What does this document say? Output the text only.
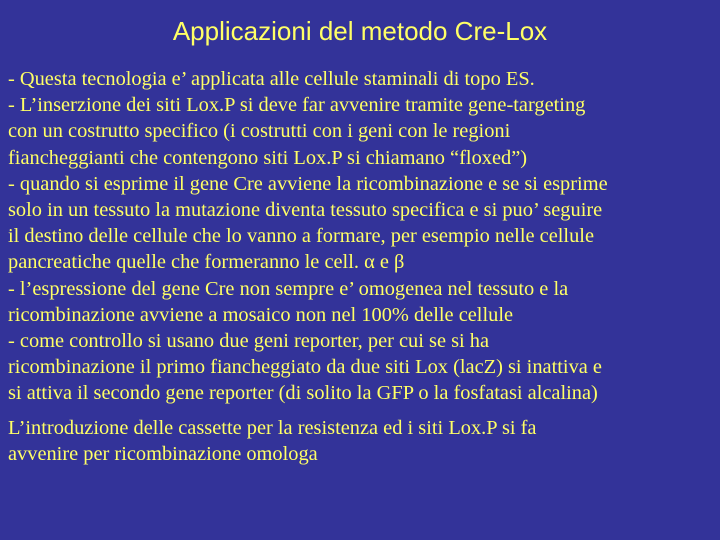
Applicazioni del metodo Cre-Lox
- Questa tecnologia e’ applicata alle cellule staminali di topo ES.
- L’inserzione dei siti Lox.P si deve far avvenire tramite gene-targeting
con un costrutto specifico (i costrutti con i geni con le regioni
fiancheggianti che contengono siti Lox.P si chiamano “floxed”)
- quando si esprime il gene Cre avviene la ricombinazione e se si esprime
solo in un tessuto la mutazione diventa tessuto specifica e si puo’ seguire
il destino delle cellule che lo vanno a formare, per esempio nelle cellule
pancreatiche quelle che formeranno le cell. α e β
- l’espressione del gene Cre non sempre e’ omogenea nel tessuto e la
ricombinazione avviene a mosaico non nel 100% delle cellule
- come controllo si usano due geni reporter, per cui se si ha
ricombinazione il primo fiancheggiato da due siti Lox (lacZ) si inattiva e
si attiva il secondo gene reporter (di solito la GFP o la fosfatasi alcalina)
L’introduzione delle cassette per la resistenza ed i siti Lox.P si fa
avvenire per ricombinazione omologa
